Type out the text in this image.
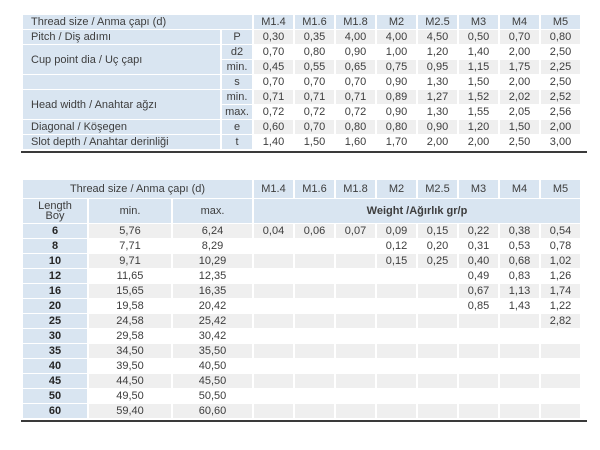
Thread size / Anma çapı (d)		M1.4	M1.6	M1.8	M2	M2.5	M3	M4	M5
Pitch / Diş adımı	P	0,30	0,35	4,00	4,00	4,50	0,50	0,70	0,80
Cup point dia / Uç çapı	d2	0,70	0,80	0,90	1,00	1,20	1,40	2,00	2,50
	min.	0,45	0,55	0,65	0,75	0,95	1,15	1,75	2,25
	s	0,70	0,70	0,70	0,90	1,30	1,50	2,00	2,50
Head width / Anahtar ağzı	min.	0,71	0,71	0,71	0,89	1,27	1,52	2,02	2,52
	max.	0,72	0,72	0,72	0,90	1,30	1,55	2,05	2,56
Diagonal / Köşegen	e	0,60	0,70	0,80	0,80	0,90	1,20	1,50	2,00
Slot depth / Anahtar derinliği	t	1,40	1,50	1,60	1,70	2,00	2,00	2,50	3,00
Thread size / Anma çapı (d)			M1.4	M1.6	M1.8	M2	M2.5	M3	M4	M5

Length
Boy	min.	max.	Weight /Ağırlık gr/p							
6	5,76	6,24	0,04	0,06	0,07	0,09	0,15	0,22	0,38	0,54
8	7,71	8,29				0,12	0,20	0,31	0,53	0,78
10	9,71	10,29				0,15	0,25	0,40	0,68	1,02
12	11,65	12,35						0,49	0,83	1,26
16	15,65	16,35						0,67	1,13	1,74
20	19,58	20,42						0,85	1,43	1,22
25	24,58	25,42								2,82
30	29,58	30,42								
35	34,50	35,50								
40	39,50	40,50								
45	44,50	45,50								
50	49,50	50,50								
60	59,40	60,60								
